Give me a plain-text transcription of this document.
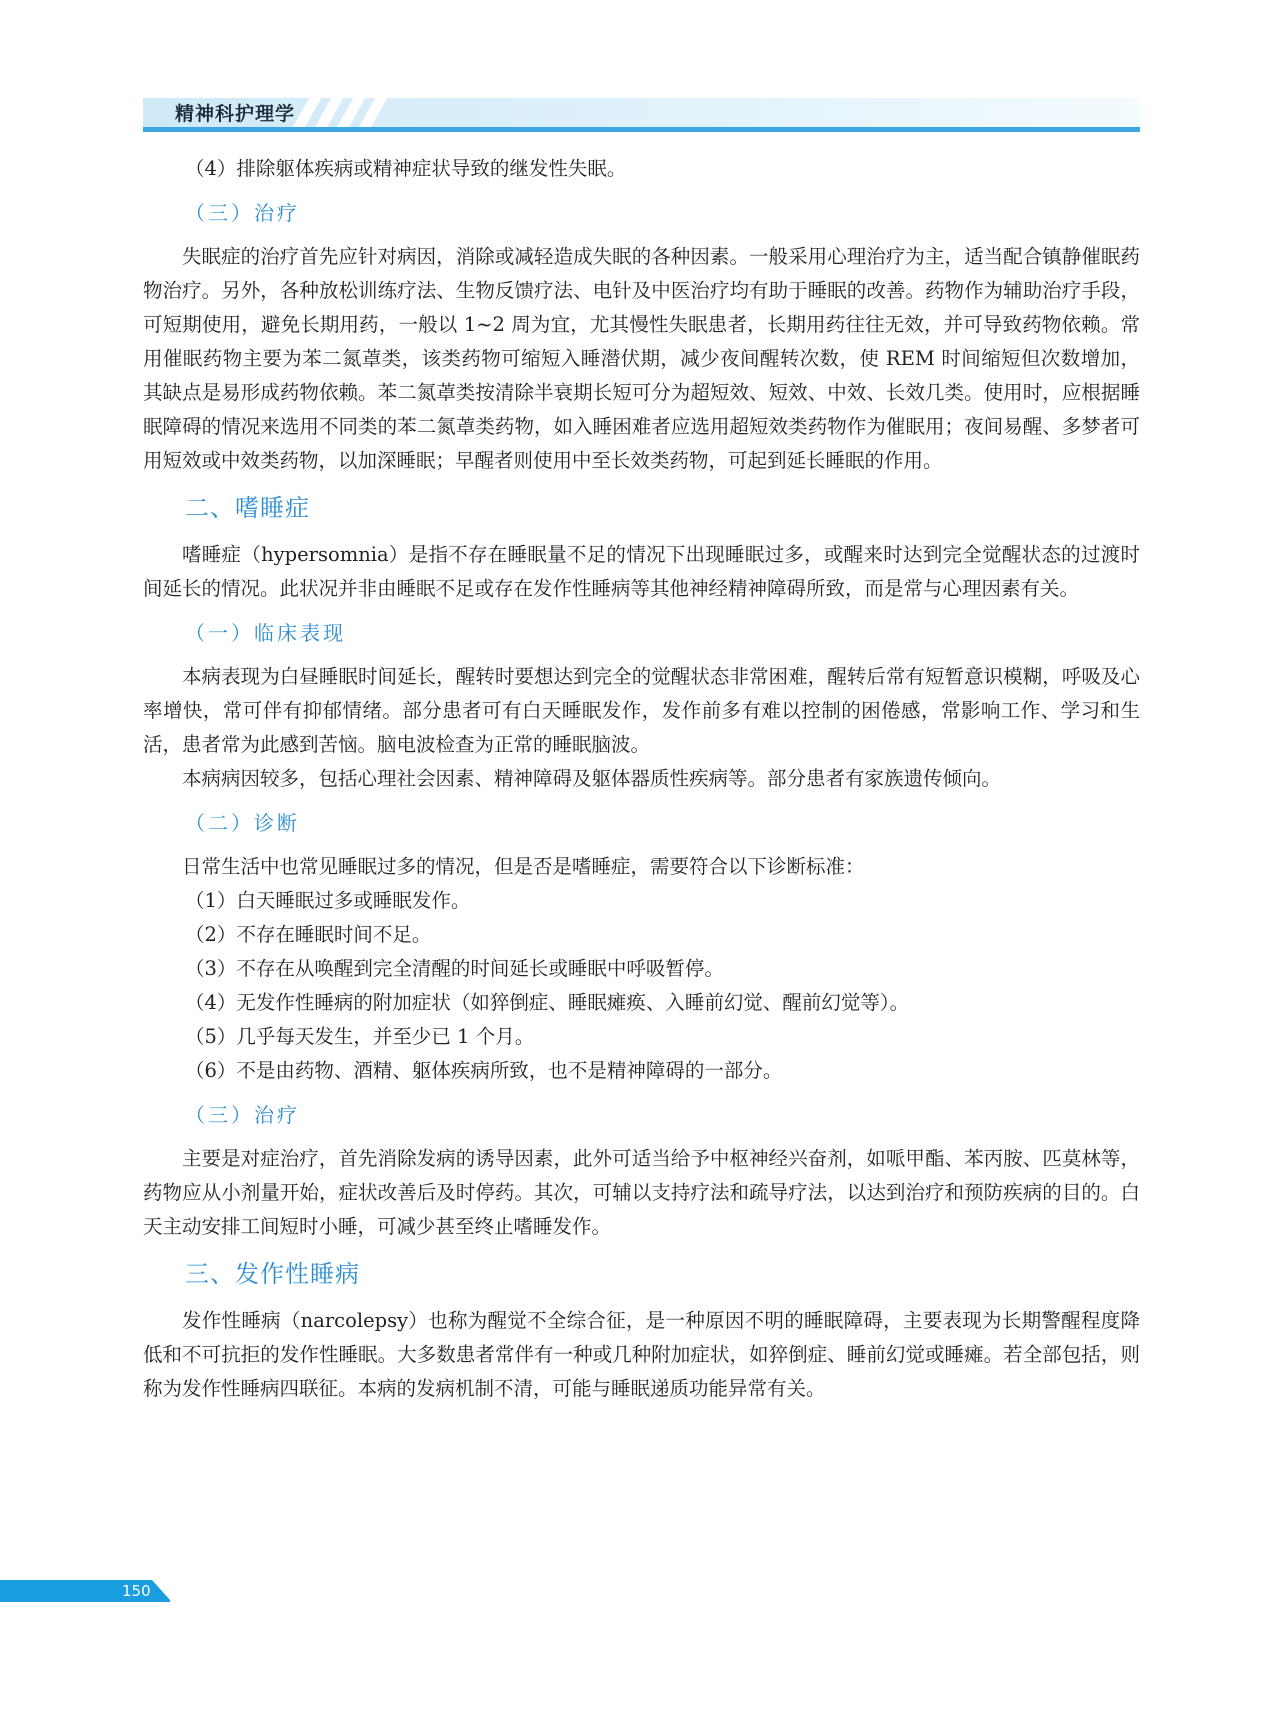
精神科护理学

（4）排除躯体疾病或精神症状导致的继发性失眠。

（三）治疗

失眠症的治疗首先应针对病因，消除或减轻造成失眠的各种因素。一般采用心理治疗为主，适当配合镇静催眠药物治疗。另外，各种放松训练疗法、生物反馈疗法、电针及中医治疗均有助于睡眠的改善。药物作为辅助治疗手段，可短期使用，避免长期用药，一般以 1~2 周为宜，尤其慢性失眠患者，长期用药往往无效，并可导致药物依赖。常用催眠药物主要为苯二氮䓬类，该类药物可缩短入睡潜伏期，减少夜间醒转次数，使 REM 时间缩短但次数增加，其缺点是易形成药物依赖。苯二氮䓬类按清除半衰期长短可分为超短效、短效、中效、长效几类。使用时，应根据睡眠障碍的情况来选用不同类的苯二氮䓬类药物，如入睡困难者应选用超短效类药物作为催眠用；夜间易醒、多梦者可用短效或中效类药物，以加深睡眠；早醒者则使用中至长效类药物，可起到延长睡眠的作用。

二、嗜睡症

嗜睡症（hypersomnia）是指不存在睡眠量不足的情况下出现睡眠过多，或醒来时达到完全觉醒状态的过渡时间延长的情况。此状况并非由睡眠不足或存在发作性睡病等其他神经精神障碍所致，而是常与心理因素有关。

（一）临床表现

本病表现为白昼睡眠时间延长，醒转时要想达到完全的觉醒状态非常困难，醒转后常有短暂意识模糊，呼吸及心率增快，常可伴有抑郁情绪。部分患者可有白天睡眠发作，发作前多有难以控制的困倦感，常影响工作、学习和生活，患者常为此感到苦恼。脑电波检查为正常的睡眠脑波。

本病病因较多，包括心理社会因素、精神障碍及躯体器质性疾病等。部分患者有家族遗传倾向。

（二）诊断

日常生活中也常见睡眠过多的情况，但是否是嗜睡症，需要符合以下诊断标准：

（1）白天睡眠过多或睡眠发作。

（2）不存在睡眠时间不足。

（3）不存在从唤醒到完全清醒的时间延长或睡眠中呼吸暂停。

（4）无发作性睡病的附加症状（如猝倒症、睡眠瘫痪、入睡前幻觉、醒前幻觉等）。

（5）几乎每天发生，并至少已 1 个月。

（6）不是由药物、酒精、躯体疾病所致，也不是精神障碍的一部分。

（三）治疗

主要是对症治疗，首先消除发病的诱导因素，此外可适当给予中枢神经兴奋剂，如哌甲酯、苯丙胺、匹莫林等，药物应从小剂量开始，症状改善后及时停药。其次，可辅以支持疗法和疏导疗法，以达到治疗和预防疾病的目的。白天主动安排工间短时小睡，可减少甚至终止嗜睡发作。

三、发作性睡病

发作性睡病（narcolepsy）也称为醒觉不全综合征，是一种原因不明的睡眠障碍，主要表现为长期警醒程度降低和不可抗拒的发作性睡眠。大多数患者常伴有一种或几种附加症状，如猝倒症、睡前幻觉或睡瘫。若全部包括，则称为发作性睡病四联征。本病的发病机制不清，可能与睡眠递质功能异常有关。

150
